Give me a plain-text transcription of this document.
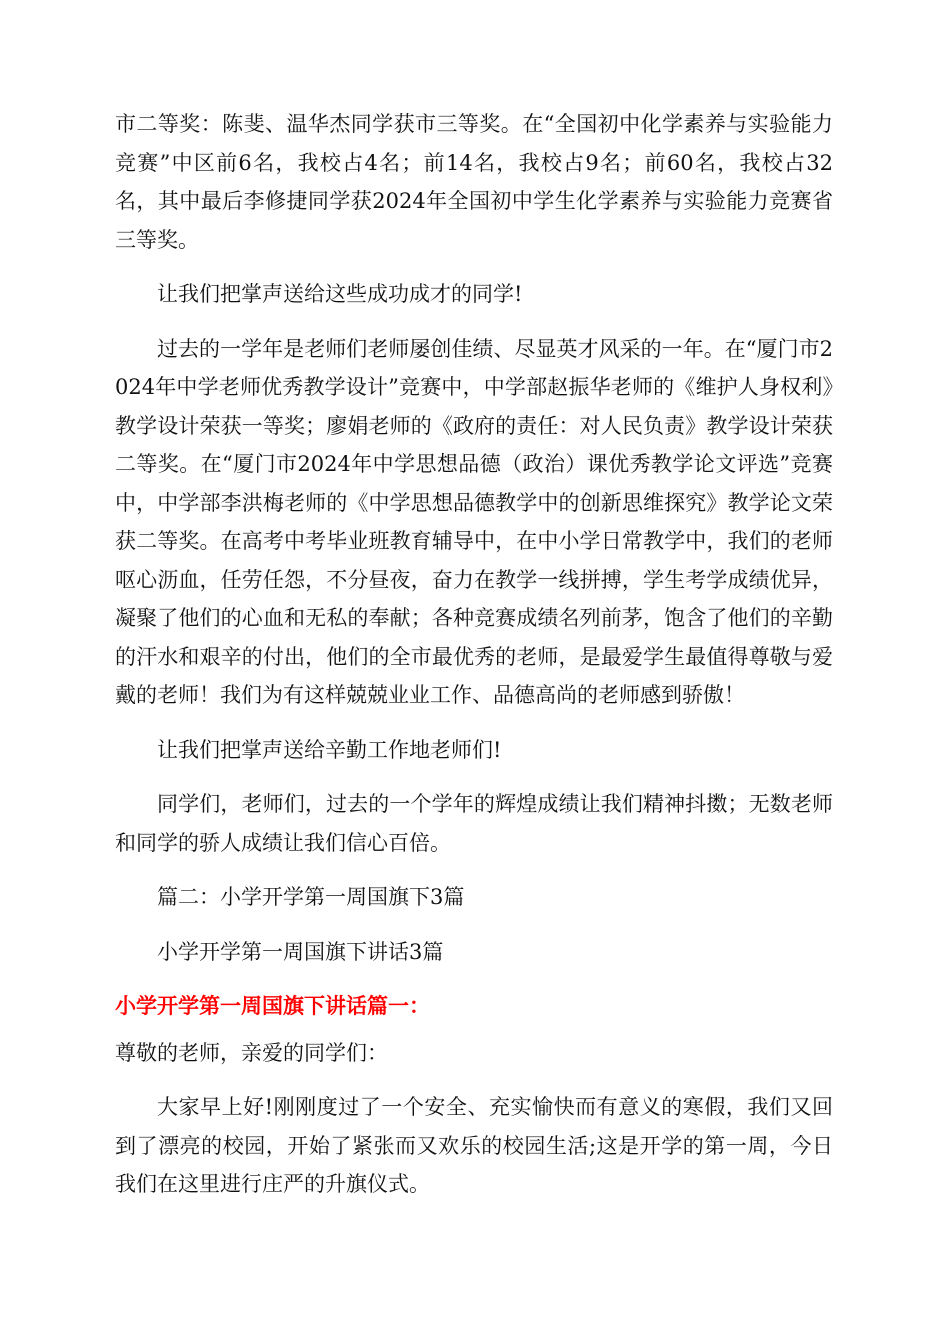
市二等奖：陈斐、温华杰同学获市三等奖。在“全国初中化学素养与实验能力竞赛”中区前6名，我校占4名；前14名，我校占9名；前60名，我校占32名，其中最后李修捷同学获2024年全国初中学生化学素养与实验能力竞赛省三等奖。

让我们把掌声送给这些成功成才的同学!

过去的一学年是老师们老师屡创佳绩、尽显英才风采的一年。在“厦门市2024年中学老师优秀教学设计”竞赛中，中学部赵振华老师的《维护人身权利》教学设计荣获一等奖；廖娟老师的《政府的责任：对人民负责》教学设计荣获二等奖。在“厦门市2024年中学思想品德（政治）课优秀教学论文评选”竞赛中，中学部李洪梅老师的《中学思想品德教学中的创新思维探究》教学论文荣获二等奖。在高考中考毕业班教育辅导中，在中小学日常教学中，我们的老师呕心沥血，任劳任怨，不分昼夜，奋力在教学一线拼搏，学生考学成绩优异，凝聚了他们的心血和无私的奉献；各种竞赛成绩名列前茅，饱含了他们的辛勤的汗水和艰辛的付出，他们的全市最优秀的老师，是最爱学生最值得尊敬与爱戴的老师！我们为有这样兢兢业业工作、品德高尚的老师感到骄傲！

让我们把掌声送给辛勤工作地老师们!

同学们，老师们，过去的一个学年的辉煌成绩让我们精神抖擞；无数老师和同学的骄人成绩让我们信心百倍。

篇二：小学开学第一周国旗下3篇

小学开学第一周国旗下讲话3篇

小学开学第一周国旗下讲话篇一：

尊敬的老师，亲爱的同学们：

大家早上好!刚刚度过了一个安全、充实愉快而有意义的寒假，我们又回到了漂亮的校园，开始了紧张而又欢乐的校园生活;这是开学的第一周，今日我们在这里进行庄严的升旗仪式。
